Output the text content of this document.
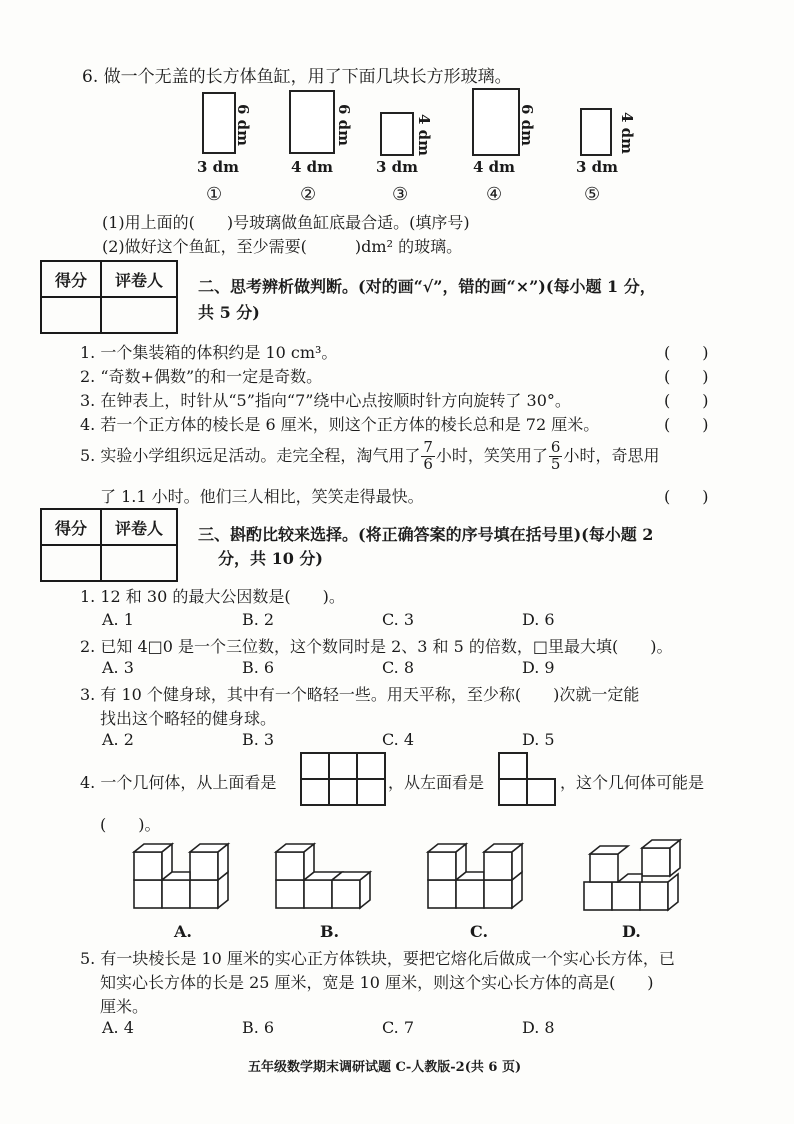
6. 做一个无盖的长方体鱼缸，用了下面几块长方形玻璃。
6 dm
3 dm
①
6 dm
4 dm
②
4 dm
3 dm
③
6 dm
4 dm
④
4 dm
3 dm
⑤
(1)用上面的(　　)号玻璃做鱼缸底最合适。(填序号)
(2)做好这个鱼缸，至少需要(　　　)dm² 的玻璃。
得分	评卷人
	二、思考辨析做判断。(对的画“√”，错的画“×”)(每小题 1 分，
共 5 分)
1. 一个集装箱的体积约是 10 cm³。	(　　)
2. “奇数+偶数”的和一定是奇数。	(　　)
3. 在钟表上，时针从“5”指向“7”绕中心点按顺时针方向旋转了 30°。	(　　)
4. 若一个正方体的棱长是 6 厘米，则这个正方体的棱长总和是 72 厘米。	(　　)
5. 实验小学组织远足活动。走完全程，淘气用了 $\frac{7}{6}$ 小时，笑笑用了 $\frac{6}{5}$ 小时，奇思用
了 1.1 小时。他们三人相比，笑笑走得最快。	(　　)
得分	评卷人
	三、斟酌比较来选择。(将正确答案的序号填在括号里)(每小题 2
分，共 10 分)
1. 12 和 30 的最大公因数是(　　)。
A. 1	B. 2	C. 3	D. 6
2. 已知 4□0 是一个三位数，这个数同时是 2、3 和 5 的倍数，□里最大填(　　)。
A. 3	B. 6	C. 8	D. 9
3. 有 10 个健身球，其中有一个略轻一些。用天平称，至少称(　　)次就一定能
找出这个略轻的健身球。
A. 2	B. 3	C. 4	D. 5
4. 一个几何体，从上面看是	，从左面看是	，这个几何体可能是
(　　)。
A.	B.	C.	D.
5. 有一块棱长是 10 厘米的实心正方体铁块，要把它熔化后做成一个实心长方体，已
知实心长方体的长是 25 厘米，宽是 10 厘米，则这个实心长方体的高是(　　)
厘米。
A. 4	B. 6	C. 7	D. 8
五年级数学期末调研试题 C-人教版-2(共 6 页)
